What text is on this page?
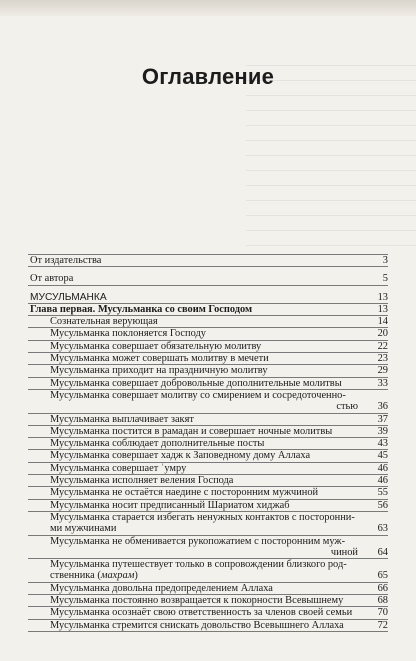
Оглавление
От издательства	3
От автора	5
МУСУЛЬМАНКА	13
Глава первая. Мусульманка со своим Господом	13
Сознательная верующая	14
Мусульманка поклоняется Господу	20
Мусульманка совершает обязательную молитву	22
Мусульманка может совершать молитву в мечети	23
Мусульманка приходит на праздничную молитву	29
Мусульманка совершает добровольные дополнительные молитвы	33
Мусульманка совершает молитву со смирением и сосредоточенно-
стью	36
Мусульманка выплачивает закят	37
Мусульманка постится в рамадан и совершает ночные молитвы	39
Мусульманка соблюдает дополнительные посты	43
Мусульманка совершает хадж к Заповедному дому Аллаха	45
Мусульманка совершает ʿумру	46
Мусульманка исполняет веления Господа	46
Мусульманка не остаётся наедине с посторонним мужчиной	55
Мусульманка носит предписанный Шариатом хиджаб	56
Мусульманка старается избегать ненужных контактов с посторонни-
ми мужчинами	63
Мусульманка не обменивается рукопожатием с посторонним муж-
чиной	64
Мусульманка путешествует только в сопровождении близкого род-
ственника (махрам)	65
Мусульманка довольна предопределением Аллаха	66
Мусульманка постоянно возвращается к покорности Всевышнему	68
Мусульманка осознаёт свою ответственность за членов своей семьи	70
Мусульманка стремится снискать довольство Всевышнего Аллаха	72
